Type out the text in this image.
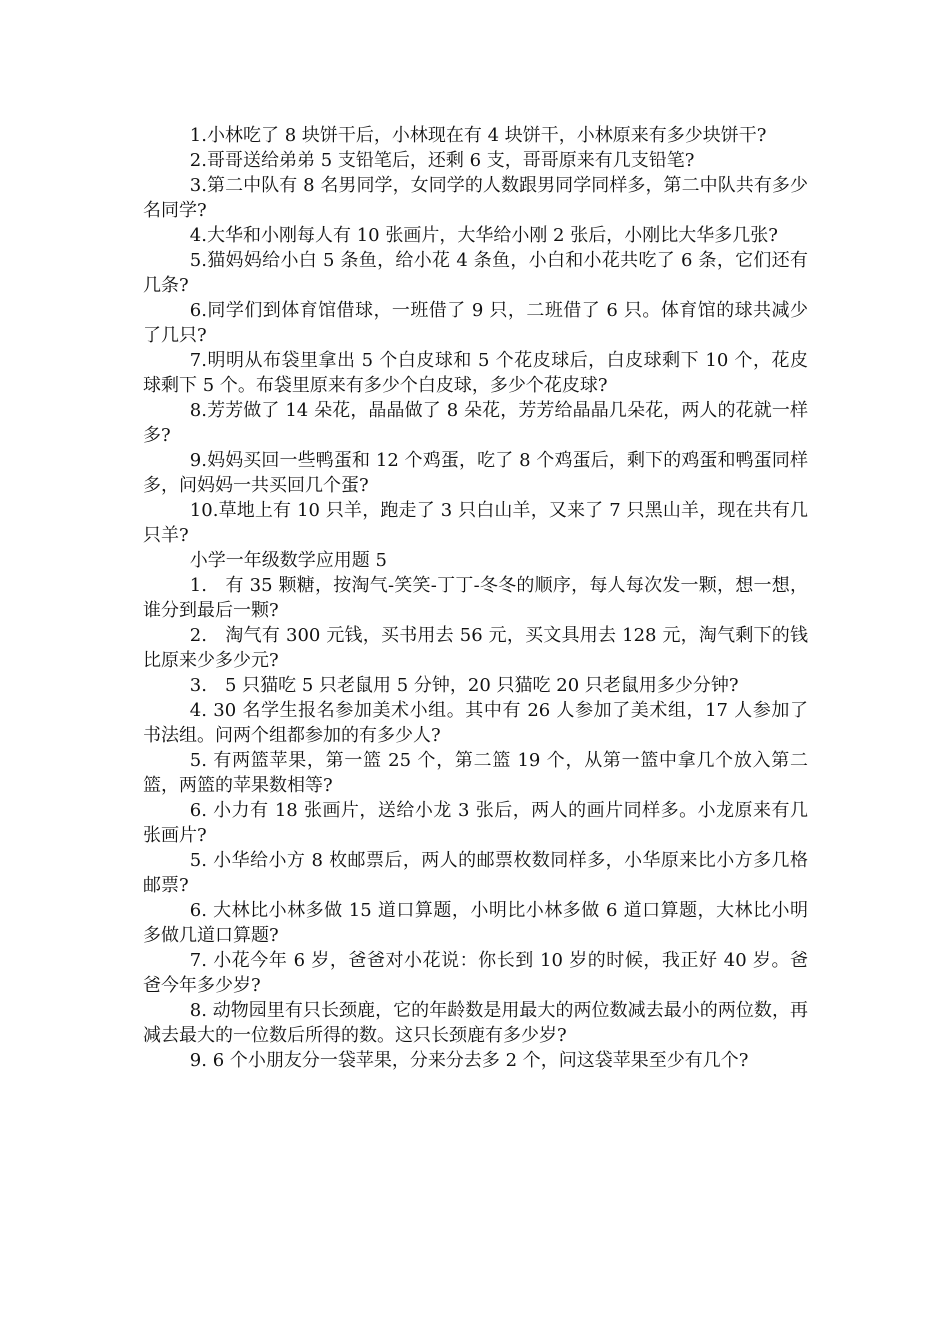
1.小林吃了 8 块饼干后，小林现在有 4 块饼干，小林原来有多少块饼干?

2.哥哥送给弟弟 5 支铅笔后，还剩 6 支，哥哥原来有几支铅笔?

3.第二中队有 8 名男同学，女同学的人数跟男同学同样多，第二中队共有多少名同学?

4.大华和小刚每人有 10 张画片，大华给小刚 2 张后，小刚比大华多几张?

5.猫妈妈给小白 5 条鱼，给小花 4 条鱼，小白和小花共吃了 6 条，它们还有几条?

6.同学们到体育馆借球，一班借了 9 只，二班借了 6 只。体育馆的球共减少了几只?

7.明明从布袋里拿出 5 个白皮球和 5 个花皮球后，白皮球剩下 10 个，花皮球剩下 5 个。布袋里原来有多少个白皮球，多少个花皮球?

8.芳芳做了 14 朵花，晶晶做了 8 朵花，芳芳给晶晶几朵花，两人的花就一样多?

9.妈妈买回一些鸭蛋和 12 个鸡蛋，吃了 8 个鸡蛋后，剩下的鸡蛋和鸭蛋同样多，问妈妈一共买回几个蛋?

10.草地上有 10 只羊，跑走了 3 只白山羊，又来了 7 只黑山羊，现在共有几只羊?

小学一年级数学应用题 5

1.　有 35 颗糖，按淘气-笑笑-丁丁-冬冬的顺序，每人每次发一颗，想一想，谁分到最后一颗?

2.　淘气有 300 元钱，买书用去 56 元，买文具用去 128 元，淘气剩下的钱比原来少多少元?

3.　5 只猫吃 5 只老鼠用 5 分钟，20 只猫吃 20 只老鼠用多少分钟?

4. 30 名学生报名参加美术小组。其中有 26 人参加了美术组，17 人参加了书法组。问两个组都参加的有多少人?

5. 有两篮苹果，第一篮 25 个，第二篮 19 个，从第一篮中拿几个放入第二篮，两篮的苹果数相等?

6. 小力有 18 张画片，送给小龙 3 张后，两人的画片同样多。小龙原来有几张画片?

5. 小华给小方 8 枚邮票后，两人的邮票枚数同样多，小华原来比小方多几格邮票?

6. 大林比小林多做 15 道口算题，小明比小林多做 6 道口算题，大林比小明多做几道口算题?

7. 小花今年 6 岁，爸爸对小花说：你长到 10 岁的时候，我正好 40 岁。爸爸今年多少岁?

8. 动物园里有只长颈鹿，它的年龄数是用最大的两位数减去最小的两位数，再减去最大的一位数后所得的数。这只长颈鹿有多少岁?

9. 6 个小朋友分一袋苹果，分来分去多 2 个，问这袋苹果至少有几个?
